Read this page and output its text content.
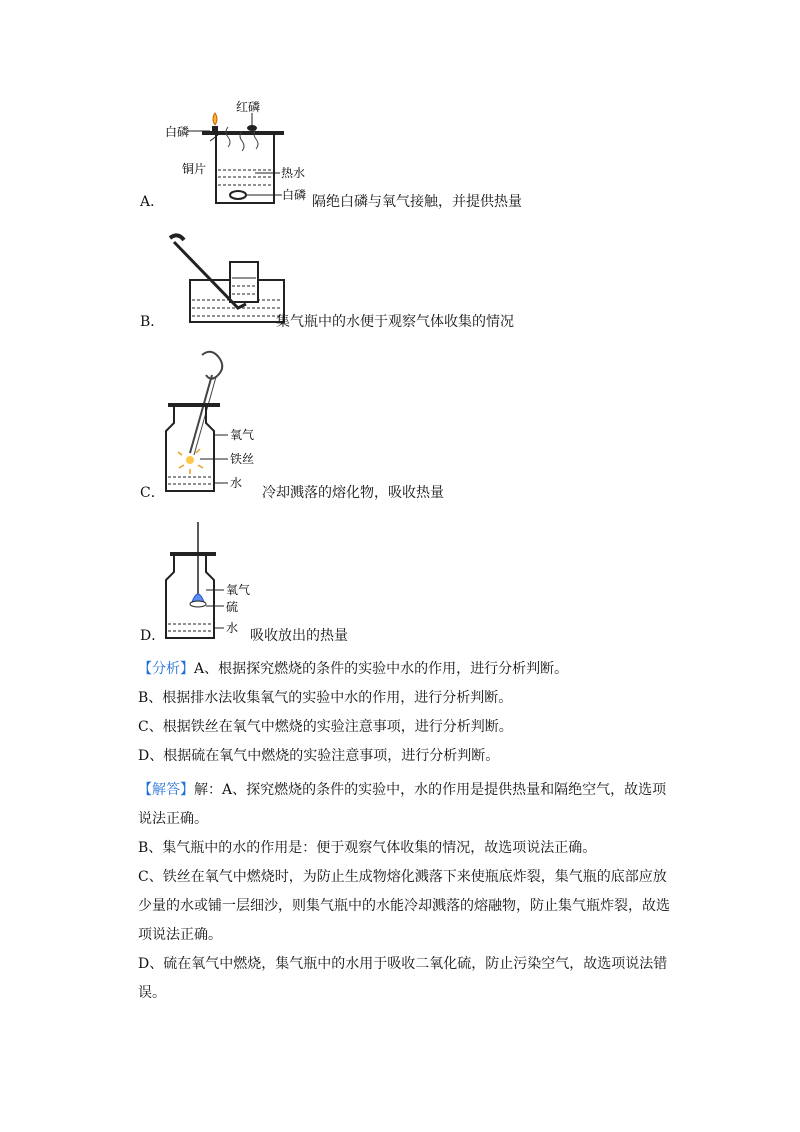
A．
红磷
白磷
铜片	热水
白磷 隔绝白磷与氧气接触，并提供热量
B．	集气瓶中的水便于观察气体收集的情况
C．
氧气
铁丝
水
冷却溅落的熔化物，吸收热量
D．
氧气
硫
水 吸收放出的热量
【分析】A、根据探究燃烧的条件的实验中水的作用，进行分析判断。
B、根据排水法收集氧气的实验中水的作用，进行分析判断。
C、根据铁丝在氧气中燃烧的实验注意事项，进行分析判断。
D、根据硫在氧气中燃烧的实验注意事项，进行分析判断。
【解答】解：A、探究燃烧的条件的实验中，水的作用是提供热量和隔绝空气，故选项
说法正确。
B、集气瓶中的水的作用是：便于观察气体收集的情况，故选项说法正确。
C、铁丝在氧气中燃烧时，为防止生成物熔化溅落下来使瓶底炸裂，集气瓶的底部应放
少量的水或铺一层细沙，则集气瓶中的水能冷却溅落的熔融物，防止集气瓶炸裂，故选
项说法正确。
D、硫在氧气中燃烧，集气瓶中的水用于吸收二氧化硫，防止污染空气，故选项说法错
误。
